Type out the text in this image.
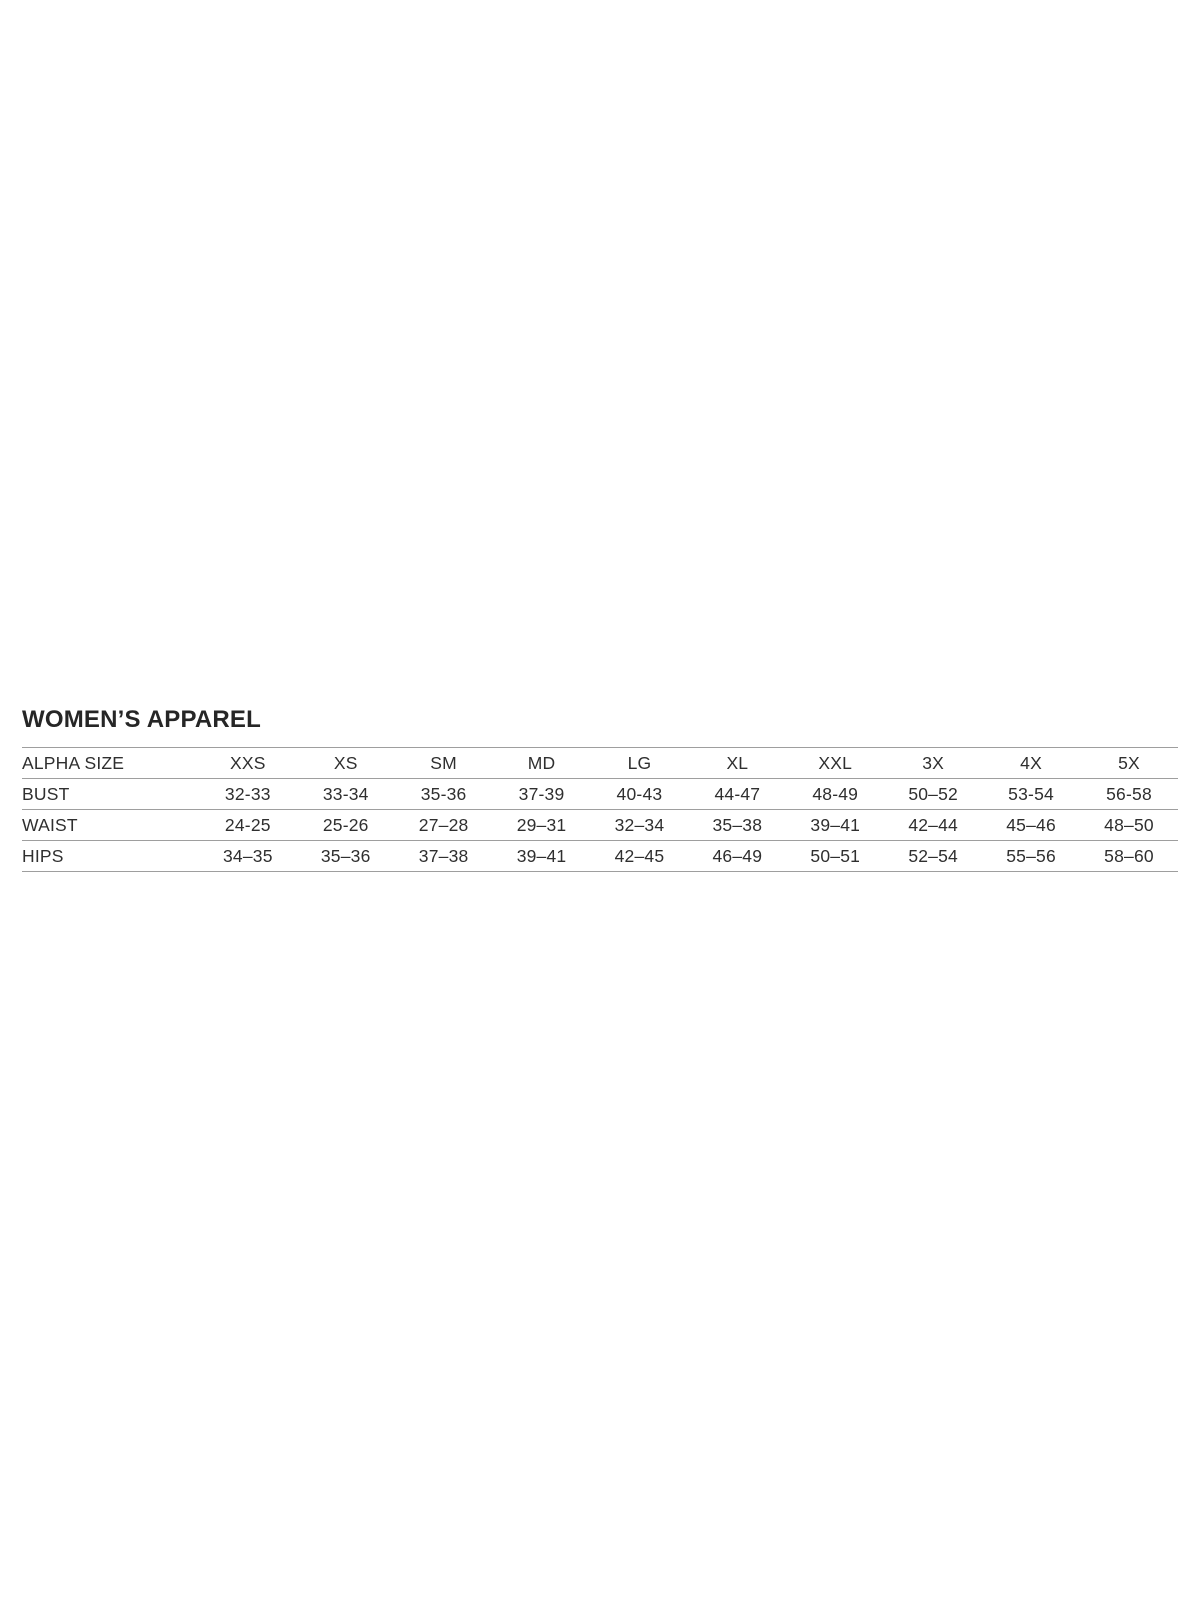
WOMEN’S APPAREL
ALPHA SIZE	XXS	XS	SM	MD	LG	XL	XXL	3X	4X	5X
BUST	32-33	33-34	35-36	37-39	40-43	44-47	48-49	50–52	53-54	56-58
WAIST	24-25	25-26	27–28	29–31	32–34	35–38	39–41	42–44	45–46	48–50
HIPS	34–35	35–36	37–38	39–41	42–45	46–49	50–51	52–54	55–56	58–60
